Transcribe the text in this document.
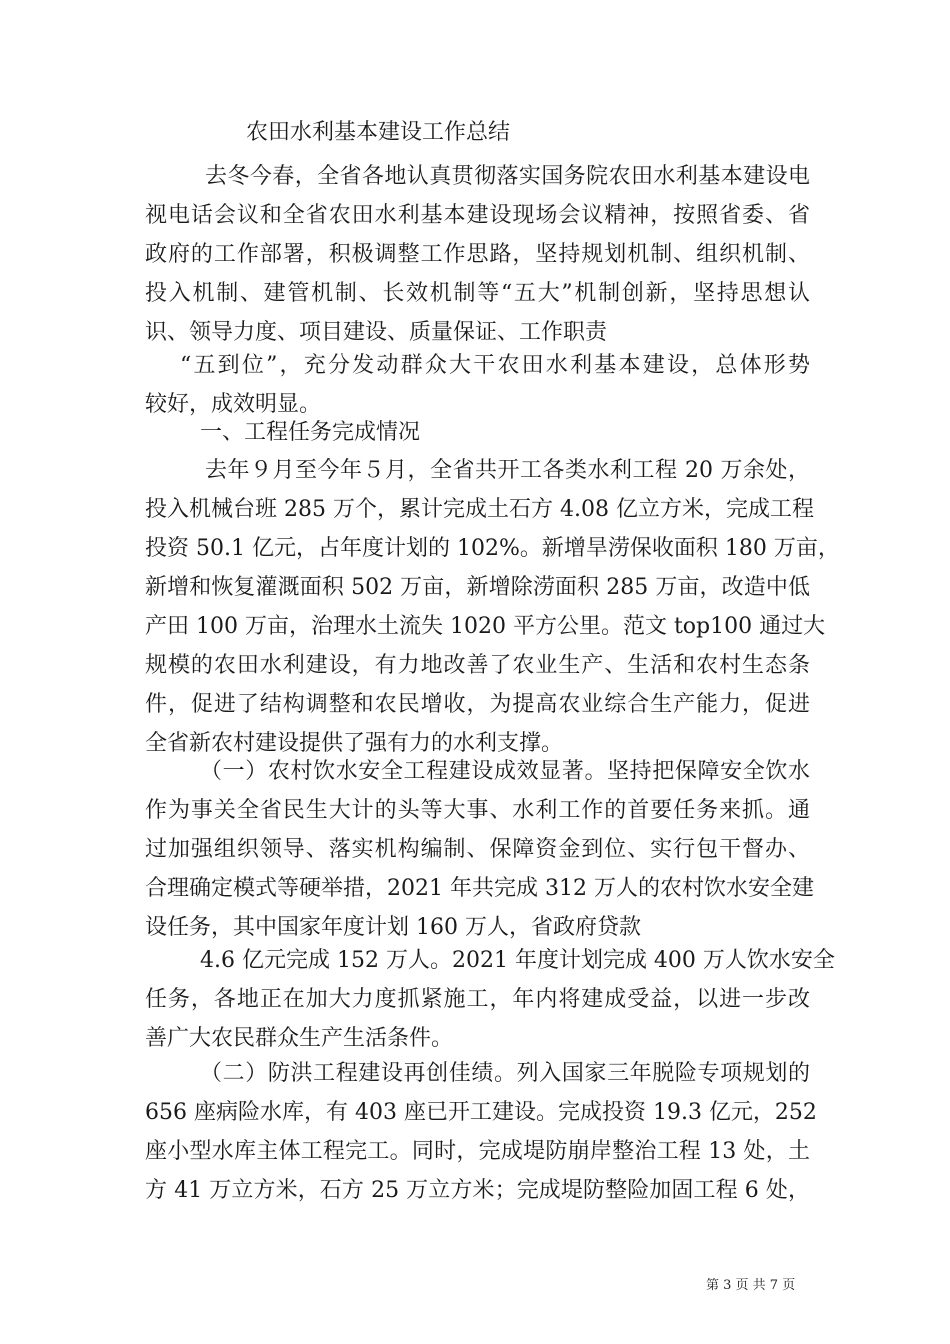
农田水利基本建设工作总结
去冬今春，全省各地认真贯彻落实国务院农田水利基本建设电
视电话会议和全省农田水利基本建设现场会议精神，按照省委、省
政府的工作部署，积极调整工作思路，坚持规划机制、组织机制、
投入机制、建管机制、长效机制等“五大”机制创新，坚持思想认
识、领导力度、项目建设、质量保证、工作职责
“五到位”，充分发动群众大干农田水利基本建设，总体形势
较好，成效明显。
一、工程任务完成情况
去年９月至今年５月，全省共开工各类水利工程 20 万余处，
投入机械台班 285 万个，累计完成土石方 4.08 亿立方米，完成工程
投资 50.1 亿元，占年度计划的 102%。新增旱涝保收面积 180 万亩，
新增和恢复灌溉面积 502 万亩，新增除涝面积 285 万亩，改造中低
产田 100 万亩，治理水土流失 1020 平方公里。范文 top100 通过大
规模的农田水利建设，有力地改善了农业生产、生活和农村生态条
件，促进了结构调整和农民增收，为提高农业综合生产能力，促进
全省新农村建设提供了强有力的水利支撑。
（一）农村饮水安全工程建设成效显著。坚持把保障安全饮水
作为事关全省民生大计的头等大事、水利工作的首要任务来抓。通
过加强组织领导、落实机构编制、保障资金到位、实行包干督办、
合理确定模式等硬举措，2021 年共完成 312 万人的农村饮水安全建
设任务，其中国家年度计划 160 万人，省政府贷款
4.6 亿元完成 152 万人。2021 年度计划完成 400 万人饮水安全
任务，各地正在加大力度抓紧施工，年内将建成受益，以进一步改
善广大农民群众生产生活条件。
（二）防洪工程建设再创佳绩。列入国家三年脱险专项规划的
656 座病险水库，有 403 座已开工建设。完成投资 19.3 亿元，252
座小型水库主体工程完工。同时，完成堤防崩岸整治工程 13 处，土
方 41 万立方米，石方 25 万立方米；完成堤防整险加固工程 6 处，
第 3 页 共 7 页
